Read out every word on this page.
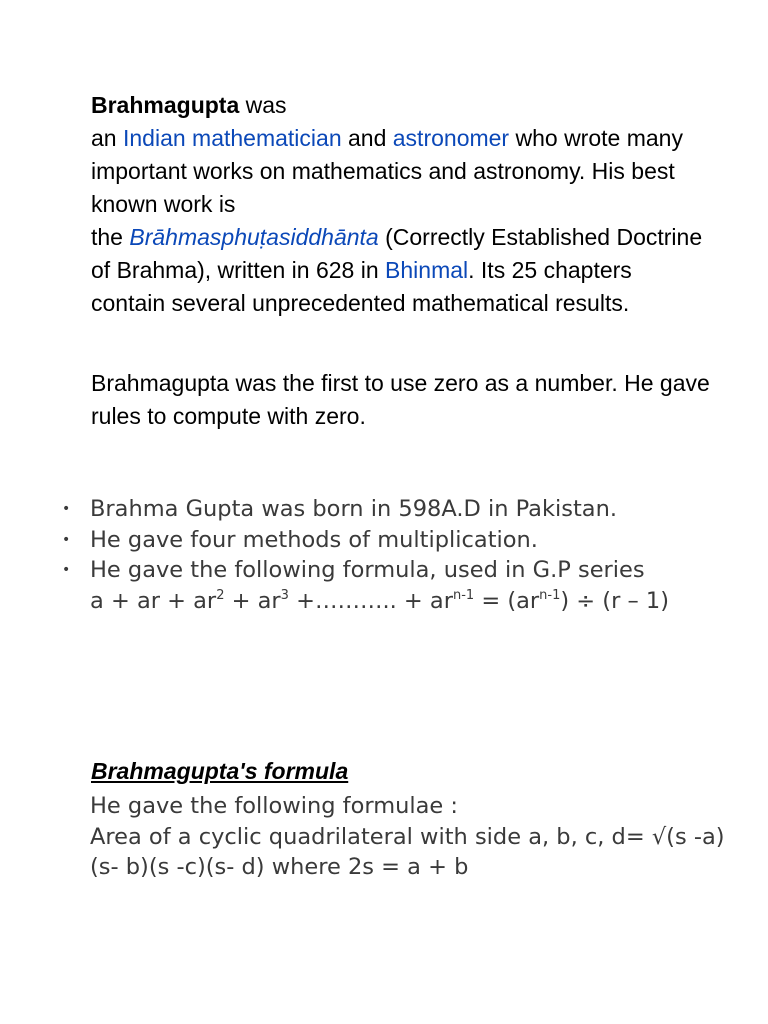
Brahmagupta was
an Indian mathematician and astronomer who wrote many important works on mathematics and astronomy. His best known work is
the Brāhmasphuṭasiddhānta (Correctly Established Doctrine of Brahma), written in 628 in Bhinmal. Its 25 chapters contain several unprecedented mathematical results.

Brahmagupta was the first to use zero as a number. He gave rules to compute with zero.

• Brahma Gupta was born in 598A.D in Pakistan.
• He gave four methods of multiplication.
• He gave the following formula, used in G.P series
a + ar + $ar^2 + ar^3$ +……….. + $ar^{n-1} = (ar^{n-1}) \div (r - 1)$
Brahmagupta's formula

He gave the following formulae :
Area of a cyclic quadrilateral with side a, b, c, d= √(s -a)(s- b)(s -c)(s- d) where 2s = a + b
